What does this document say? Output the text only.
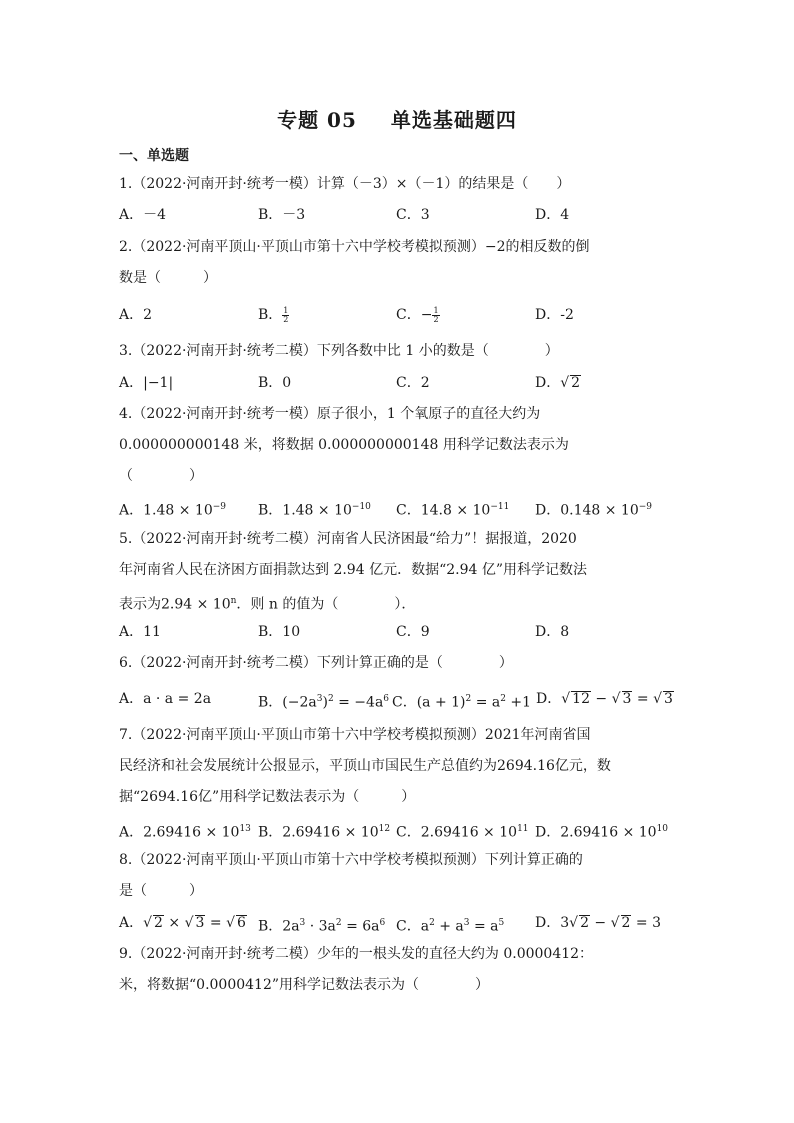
专题 05 单选基础题四
一、单选题
1.（2022·河南开封·统考一模）计算（－3）×（－1）的结果是（　　）
A．－4	B．－3	C．3	D．4
2.（2022·河南平顶山·平顶山市第十六中学校考模拟预测）−2的相反数的倒
数是（　　　）
A．2	B． $\frac{1}{2}$	C．− $\frac{1}{2}$	D．-2
3.（2022·河南开封·统考二模）下列各数中比 1 小的数是（　　　　）
A．|−1|	B．0	C．2	D．√ 2
4.（2022·河南开封·统考一模）原子很小，1 个氧原子的直径大约为
0.000000000148 米，将数据 0.000000000148 用科学记数法表示为
（　　　　）
A．$1.48 \times 10^{-9}$ B．$1.48 \times 10^{-10}$ C．$14.8 \times 10^{-11}$ D．$0.148 \times 10^{-9}$
5.（2022·河南开封·统考二模）河南省人民济困最“给力”！据报道，2020
年河南省人民在济困方面捐款达到 2.94 亿元．数据“2.94 亿”用科学记数法
表示为$2.94 \times 10^n$．则 n 的值为（　　　　）．
A．11	B．10	C．9	D．8
6.（2022·河南开封·统考二模）下列计算正确的是（　　　　）
A．a · a = 2a	B．$(-2a^3)^2 = -4a^6$ C．$(a + 1)^2 = a^2 +1$ D．√ 12 − √ 3 = √ 3
7.（2022·河南平顶山·平顶山市第十六中学校考模拟预测）2021年河南省国
民经济和社会发展统计公报显示，平顶山市国民生产总值约为2694.16亿元，数
据“2694.16亿”用科学记数法表示为（　　　）
A．$2.69416 \times 10^{13}$ B．$2.69416 \times 10^{12}$ C．$2.69416 \times 10^{11}$ D．$2.69416 \times 10^{10}$
8.（2022·河南平顶山·平顶山市第十六中学校考模拟预测）下列计算正确的
是（　　　）
A．√ 2 × √ 3 = √ 6 B．$2a^3 \cdot 3a^2 = 6a^6$ C．$a^2 + a^3 = a^5$ D．3√ 2 − √ 2 = 3
9.（2022·河南开封·统考二模）少年的一根头发的直径大约为 0.0000412：
米，将数据“0.0000412”用科学记数法表示为（　　　　）
